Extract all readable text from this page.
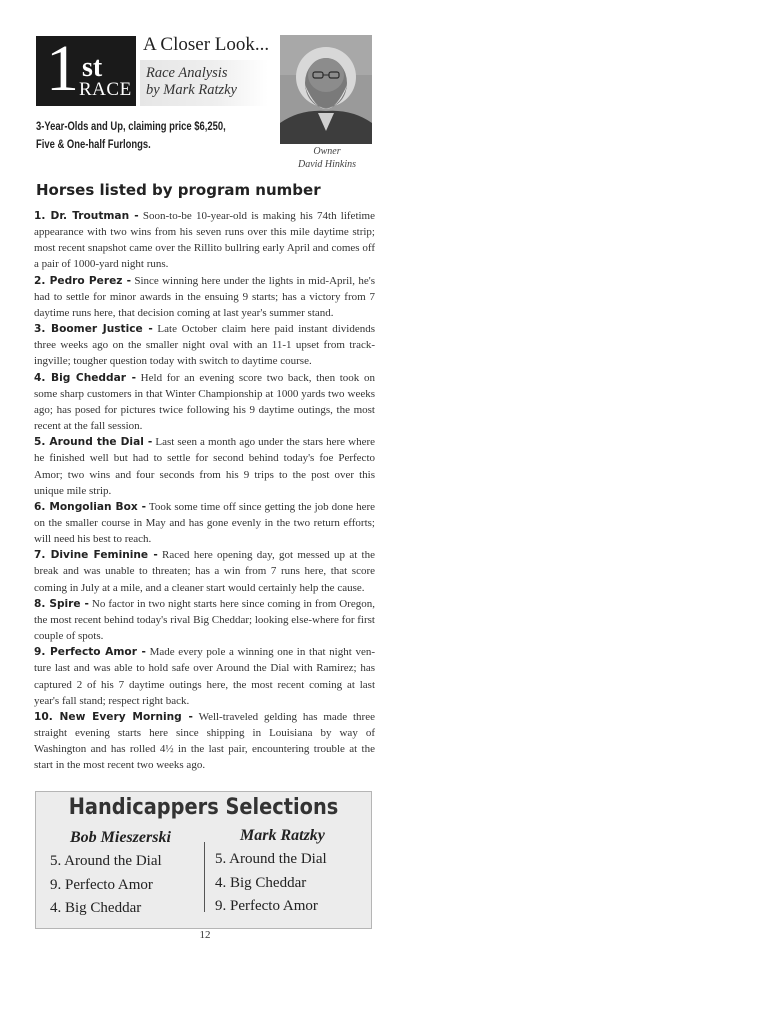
1 st
RACE
A Closer Look...
Race Analysis
by Mark Ratzky
3-Year-Olds and Up, claiming price $6,250,
Five & One-half Furlongs.
Owner
David Hinkins
Horses listed by program number

1. Dr. Troutman - Soon-to-be 10-year-old is making his 74th lifetime appearance with two wins from his seven runs over this mile daytime strip; most recent snapshot came over the Rillito bullring early April and comes off a pair of 1000-yard night runs.

2. Pedro Perez - Since winning here under the lights in mid-April, he's had to settle for minor awards in the ensuing 9 starts; has a victory from 7 daytime runs here, that decision coming at last year's summer stand.

3. Boomer Justice - Late October claim here paid instant dividends three weeks ago on the smaller night oval with an 11-1 upset from track-ingville; tougher question today with switch to daytime course.

4. Big Cheddar - Held for an evening score two back, then took on some sharp customers in that Winter Championship at 1000 yards two weeks ago; has posed for pictures twice following his 9 daytime outings, the most recent at the fall session.

5. Around the Dial - Last seen a month ago under the stars here where he finished well but had to settle for second behind today's foe Perfecto Amor; two wins and four seconds from his 9 trips to the post over this unique mile strip.

6. Mongolian Box - Took some time off since getting the job done here on the smaller course in May and has gone evenly in the two return efforts; will need his best to reach.

7. Divine Feminine - Raced here opening day, got messed up at the break and was unable to threaten; has a win from 7 runs here, that score coming in July at a mile, and a cleaner start would certainly help the cause.

8. Spire - No factor in two night starts here since coming in from Oregon, the most recent behind today's rival Big Cheddar; looking else-where for first couple of spots.

9. Perfecto Amor - Made every pole a winning one in that night ven-ture last and was able to hold safe over Around the Dial with Ramirez; has captured 2 of his 7 daytime outings here, the most recent coming at last year's fall stand; respect right back.

10. New Every Morning - Well-traveled gelding has made three straight evening starts here since shipping in Louisiana by way of Washington and has rolled 4½ in the last pair, encountering trouble at the start in the most recent two weeks ago.

Handicappers Selections
Bob Mieszerski
5. Around the Dial
9. Perfecto Amor
4. Big Cheddar
Mark Ratzky
5. Around the Dial
4. Big Cheddar
9. Perfecto Amor
12
